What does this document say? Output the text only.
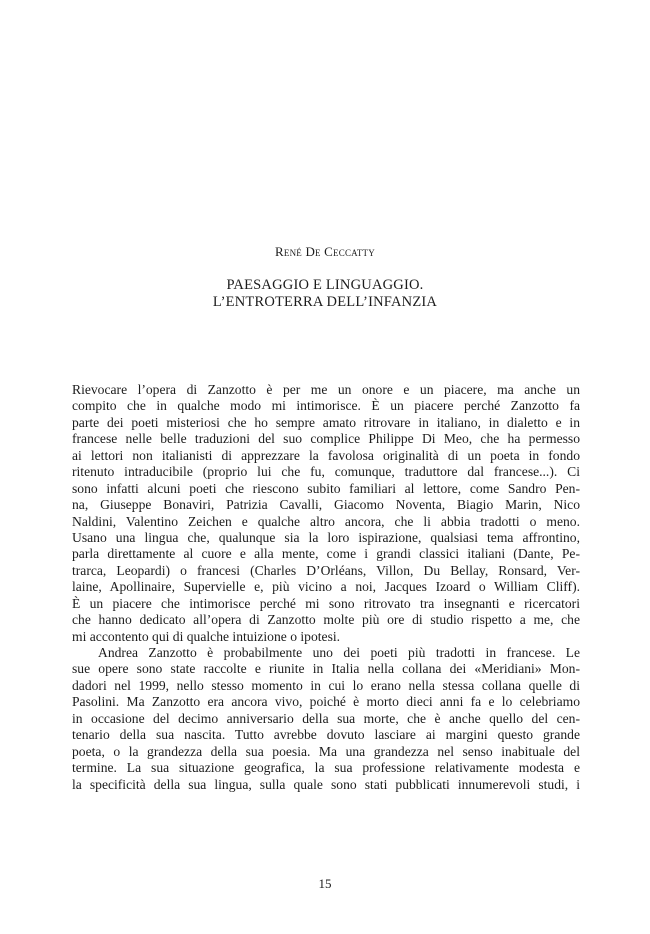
René De Ceccatty

PAESAGGIO E LINGUAGGIO.
L’ENTROTERRA DELL’INFANZIA
Rievocare l’opera di Zanzotto è per me un onore e un piacere, ma anche un
compito che in qualche modo mi intimorisce. È un piacere perché Zanzotto fa
parte dei poeti misteriosi che ho sempre amato ritrovare in italiano, in dialetto e in
francese nelle belle traduzioni del suo complice Philippe Di Meo, che ha permesso
ai lettori non italianisti di apprezzare la favolosa originalità di un poeta in fondo
ritenuto intraducibile (proprio lui che fu, comunque, traduttore dal francese...). Ci
sono infatti alcuni poeti che riescono subito familiari al lettore, come Sandro Pen-
na, Giuseppe Bonaviri, Patrizia Cavalli, Giacomo Noventa, Biagio Marin, Nico
Naldini, Valentino Zeichen e qualche altro ancora, che li abbia tradotti o meno.
Usano una lingua che, qualunque sia la loro ispirazione, qualsiasi tema affrontino,
parla direttamente al cuore e alla mente, come i grandi classici italiani (Dante, Pe-
trarca, Leopardi) o francesi (Charles D’Orléans, Villon, Du Bellay, Ronsard, Ver-
laine, Apollinaire, Supervielle e, più vicino a noi, Jacques Izoard o William Cliff).
È un piacere che intimorisce perché mi sono ritrovato tra insegnanti e ricercatori
che hanno dedicato all’opera di Zanzotto molte più ore di studio rispetto a me, che
mi accontento qui di qualche intuizione o ipotesi.
Andrea Zanzotto è probabilmente uno dei poeti più tradotti in francese. Le
sue opere sono state raccolte e riunite in Italia nella collana dei «Meridiani» Mon-
dadori nel 1999, nello stesso momento in cui lo erano nella stessa collana quelle di
Pasolini. Ma Zanzotto era ancora vivo, poiché è morto dieci anni fa e lo celebriamo
in occasione del decimo anniversario della sua morte, che è anche quello del cen-
tenario della sua nascita. Tutto avrebbe dovuto lasciare ai margini questo grande
poeta, o la grandezza della sua poesia. Ma una grandezza nel senso inabituale del
termine. La sua situazione geografica, la sua professione relativamente modesta e
la specificità della sua lingua, sulla quale sono stati pubblicati innumerevoli studi, i

15
